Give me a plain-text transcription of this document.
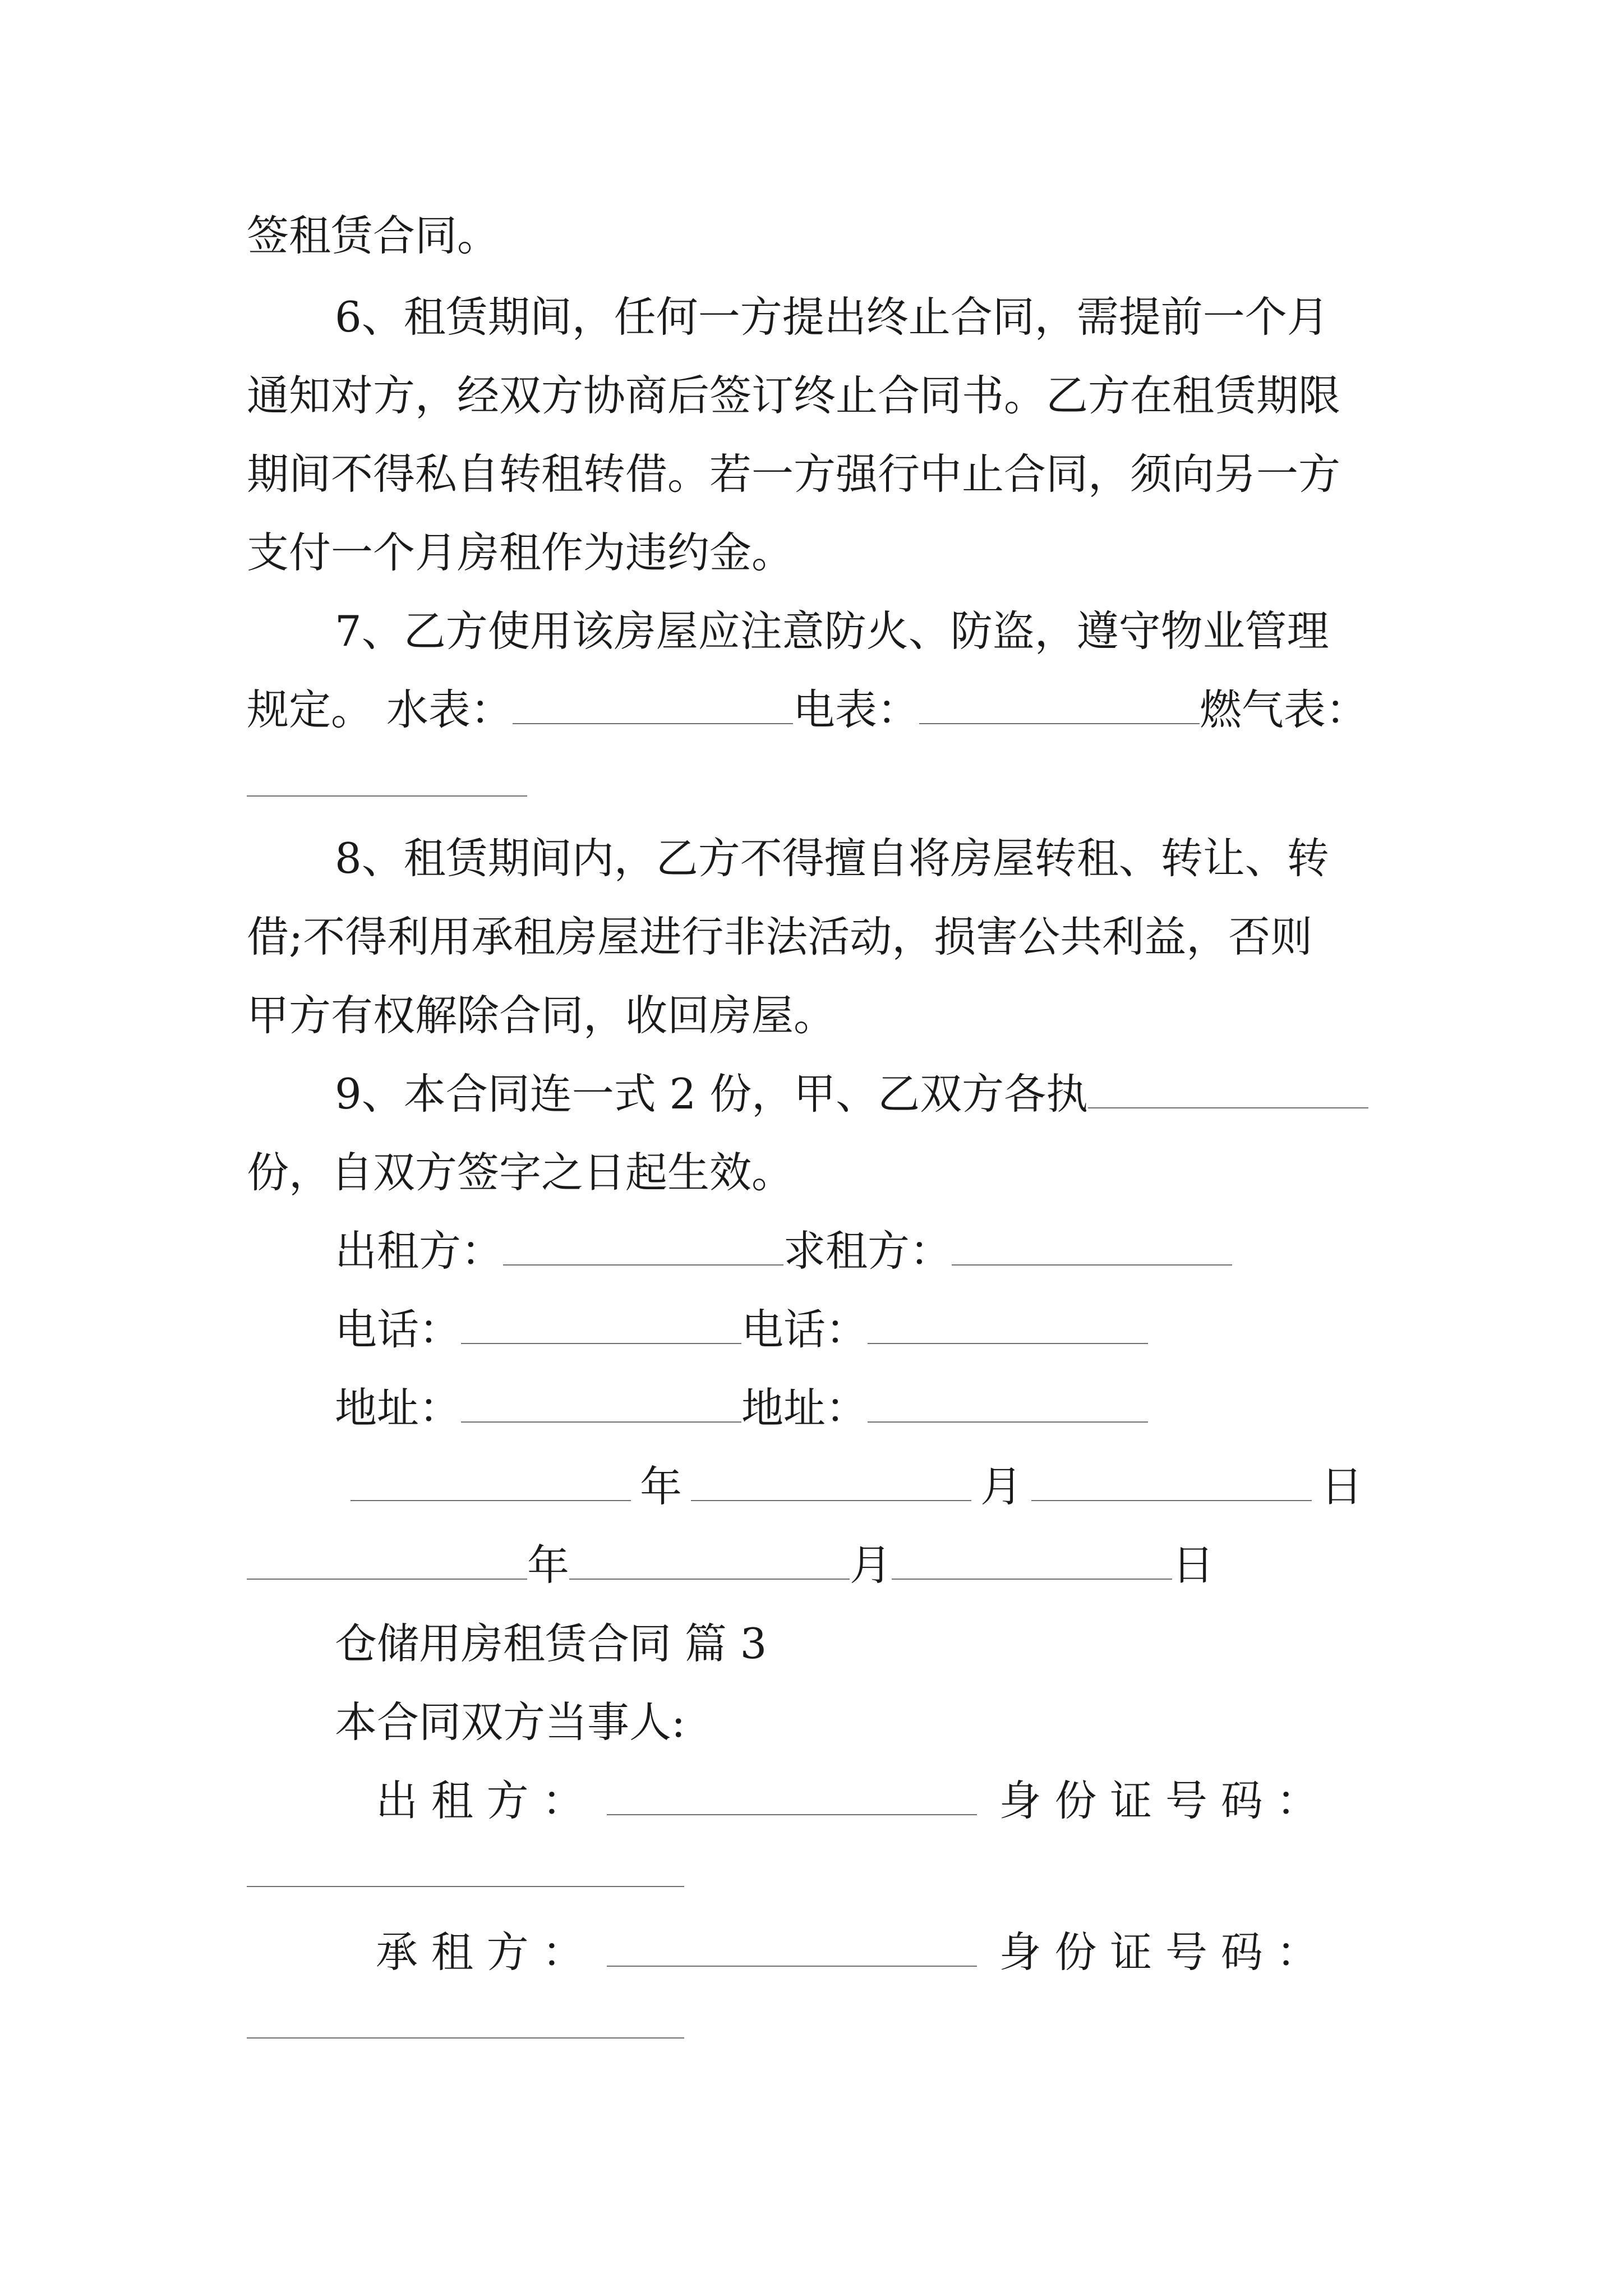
签租赁合同。
6、租赁期间，任何一方提出终止合同，需提前一个月
通知对方，经双方协商后签订终止合同书。乙方在租赁期限
期间不得私自转租转借。若一方强行中止合同，须向另一方
支付一个月房租作为违约金。
7、乙方使用该房屋应注意防火、防盗，遵守物业管理
规定。 水表：	电表：	燃气表：
8、租赁期间内，乙方不得擅自将房屋转租、转让、转
借;不得利用承租房屋进行非法活动，损害公共利益，否则
甲方有权解除合同，收回房屋。
9、本合同连一式 2 份，甲、乙双方各执
份，自双方签字之日起生效。
出租方：	求租方：
电话：	电话：
地址：	地址：
年	月	日
年	月	日
仓储用房租赁合同 篇 3
本合同双方当事人:
出 租 方 ：	身 份 证 号 码 ：
承 租 方 ：	身 份 证 号 码 ：
